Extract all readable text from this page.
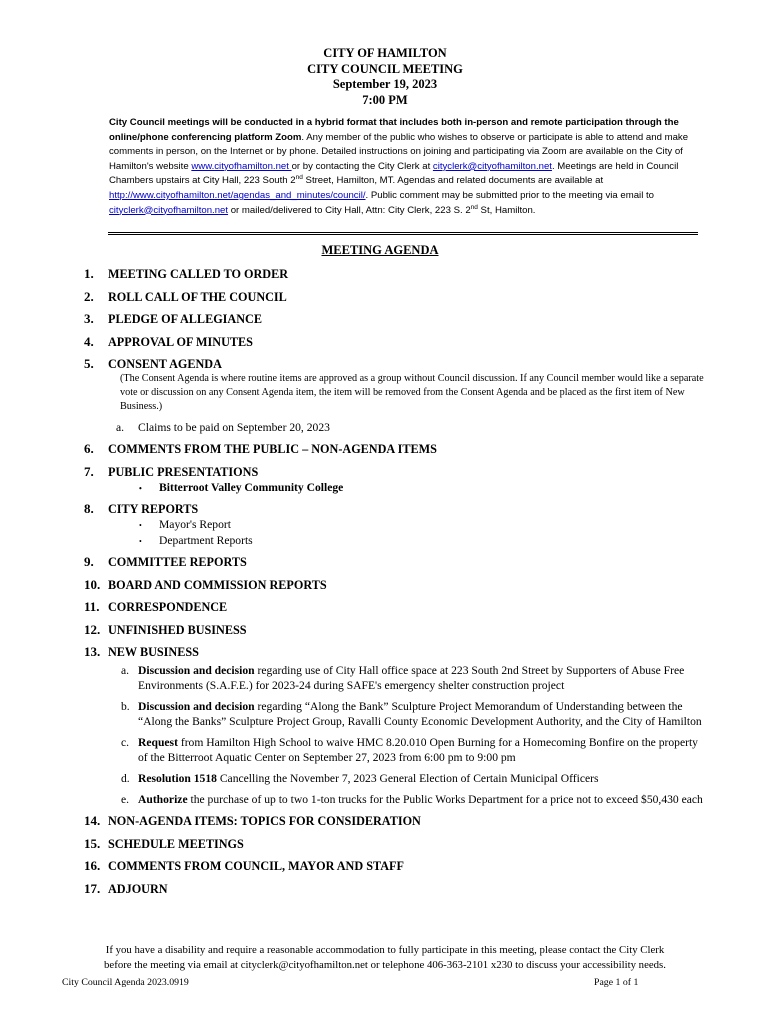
CITY OF HAMILTON
CITY COUNCIL MEETING
September 19, 2023
7:00 PM
City Council meetings will be conducted in a hybrid format that includes both in-person and remote participation through the online/phone conferencing platform Zoom. Any member of the public who wishes to observe or participate is able to attend and make comments in person, on the Internet or by phone. Detailed instructions on joining and participating via Zoom are available on the City of Hamilton's website www.cityofhamilton.net or by contacting the City Clerk at cityclerk@cityofhamilton.net. Meetings are held in Council Chambers upstairs at City Hall, 223 South 2nd Street, Hamilton, MT. Agendas and related documents are available at http://www.cityofhamilton.net/agendas_and_minutes/council/. Public comment may be submitted prior to the meeting via email to cityclerk@cityofhamilton.net or mailed/delivered to City Hall, Attn: City Clerk, 223 S. 2nd St, Hamilton.
MEETING AGENDA
1.	MEETING CALLED TO ORDER
2.	ROLL CALL OF THE COUNCIL
3.	PLEDGE OF ALLEGIANCE
4.	APPROVAL OF MINUTES
5.	CONSENT AGENDA
(The Consent Agenda is where routine items are approved as a group without Council discussion. If any Council member would like a separate vote or discussion on any Consent Agenda item, the item will be removed from the Consent Agenda and be placed as the first item of New Business.)
a. Claims to be paid on September 20, 2023
6.	COMMENTS FROM THE PUBLIC – NON-AGENDA ITEMS
7.	PUBLIC PRESENTATIONS
• Bitterroot Valley Community College
8.	CITY REPORTS
• Mayor's Report
• Department Reports
9.	COMMITTEE REPORTS
10. BOARD AND COMMISSION REPORTS
11. CORRESPONDENCE
12. UNFINISHED BUSINESS
13. NEW BUSINESS
a. Discussion and decision regarding use of City Hall office space at 223 South 2nd Street by Supporters of Abuse Free Environments (S.A.F.E.) for 2023-24 during SAFE's emergency shelter construction project
b. Discussion and decision regarding “Along the Bank” Sculpture Project Memorandum of Understanding between the “Along the Banks” Sculpture Project Group, Ravalli County Economic Development Authority, and the City of Hamilton
c. Request from Hamilton High School to waive HMC 8.20.010 Open Burning for a Homecoming Bonfire on the property of the Bitterroot Aquatic Center on September 27, 2023 from 6:00 pm to 9:00 pm
d. Resolution 1518 Cancelling the November 7, 2023 General Election of Certain Municipal Officers
e. Authorize the purchase of up to two 1-ton trucks for the Public Works Department for a price not to exceed $50,430 each
14. NON-AGENDA ITEMS: TOPICS FOR CONSIDERATION
15. SCHEDULE MEETINGS
16. COMMENTS FROM COUNCIL, MAYOR AND STAFF
17. ADJOURN
If you have a disability and require a reasonable accommodation to fully participate in this meeting, please contact the City Clerk
before the meeting via email at cityclerk@cityofhamilton.net or telephone 406-363-2101 x230 to discuss your accessibility needs.
City Council Agenda 2023.0919	Page 1 of 1
